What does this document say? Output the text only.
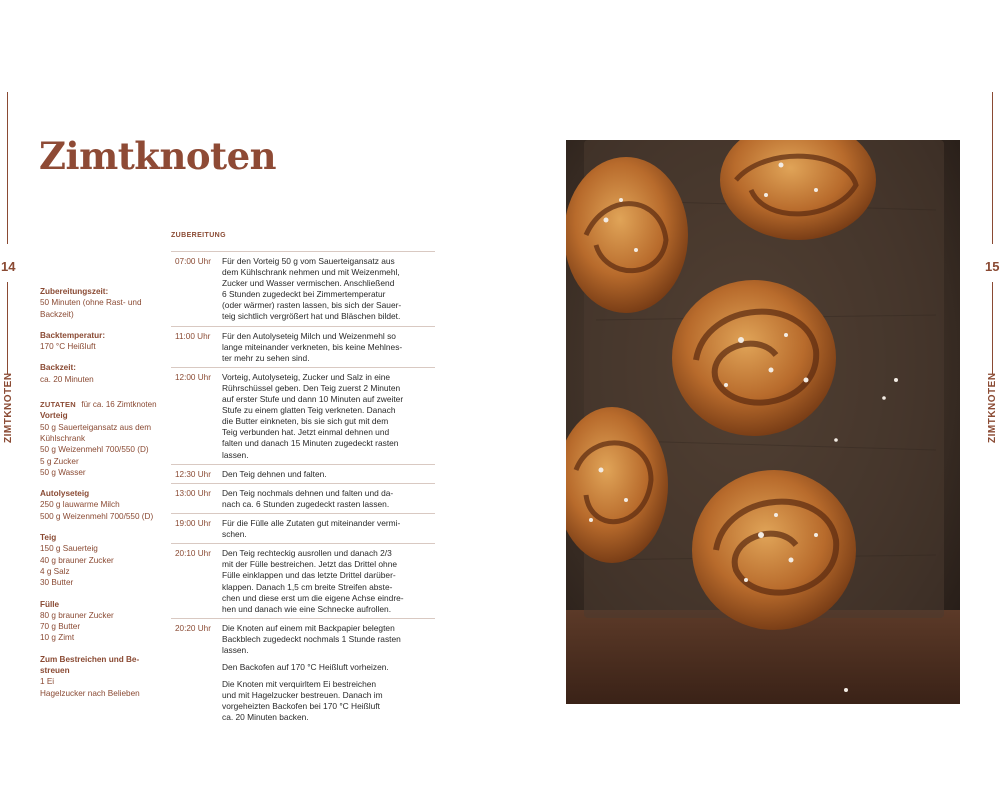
14
ZIMTKNOTEN
15
ZIMTKNOTEN
Zimtknoten
Zubereitungszeit:
50 Minuten (ohne Rast- und
Backzeit)
Backtemperatur:
170 °C Heißluft
Backzeit:
ca. 20 Minuten
ZUTATEN für ca. 16 Zimtknoten
Vorteig
50 g Sauerteigansatz aus dem
Kühlschrank
50 g Weizenmehl 700/550 (D)
5 g Zucker
50 g Wasser
Autolyseteig
250 g lauwarme Milch
500 g Weizenmehl 700/550 (D)
Teig
150 g Sauerteig
40 g brauner Zucker
4 g Salz
30 Butter
Fülle
80 g brauner Zucker
70 g Butter
10 g Zimt
Zum Bestreichen und Be-
streuen
1 Ei
Hagelzucker nach Belieben
ZUBEREITUNG
07:00 Uhr	Für den Vorteig 50 g vom Sauerteigansatz aus
dem Kühlschrank nehmen und mit Weizenmehl,
Zucker und Wasser vermischen. Anschließend
6 Stunden zugedeckt bei Zimmertemperatur
(oder wärmer) rasten lassen, bis sich der Sauer-
teig sichtlich vergrößert hat und Bläschen bildet.
11:00 Uhr	Für den Autolyseteig Milch und Weizenmehl so
lange miteinander verkneten, bis keine Mehlnes-
ter mehr zu sehen sind.
12:00 Uhr	Vorteig, Autolyseteig, Zucker und Salz in eine
Rührschüssel geben. Den Teig zuerst 2 Minuten
auf erster Stufe und dann 10 Minuten auf zweiter
Stufe zu einem glatten Teig verkneten. Danach
die Butter einkneten, bis sie sich gut mit dem
Teig verbunden hat. Jetzt einmal dehnen und
falten und danach 15 Minuten zugedeckt rasten
lassen.
12:30 Uhr	Den Teig dehnen und falten.
13:00 Uhr	Den Teig nochmals dehnen und falten und da-
nach ca. 6 Stunden zugedeckt rasten lassen.
19:00 Uhr	Für die Fülle alle Zutaten gut miteinander vermi-
schen.
20:10 Uhr	Den Teig rechteckig ausrollen und danach 2/3
mit der Fülle bestreichen. Jetzt das Drittel ohne
Fülle einklappen und das letzte Drittel darüber-
klappen. Danach 1,5 cm breite Streifen abste-
chen und diese erst um die eigene Achse eindre-
hen und danach wie eine Schnecke aufrollen.
20:20 Uhr	Die Knoten auf einem mit Backpapier belegten
Backblech zugedeckt nochmals 1 Stunde rasten
lassen.

Den Backofen auf 170 °C Heißluft vorheizen.

Die Knoten mit verquirltem Ei bestreichen
und mit Hagelzucker bestreuen. Danach im
vorgeheizten Backofen bei 170 °C Heißluft
ca. 20 Minuten backen.
